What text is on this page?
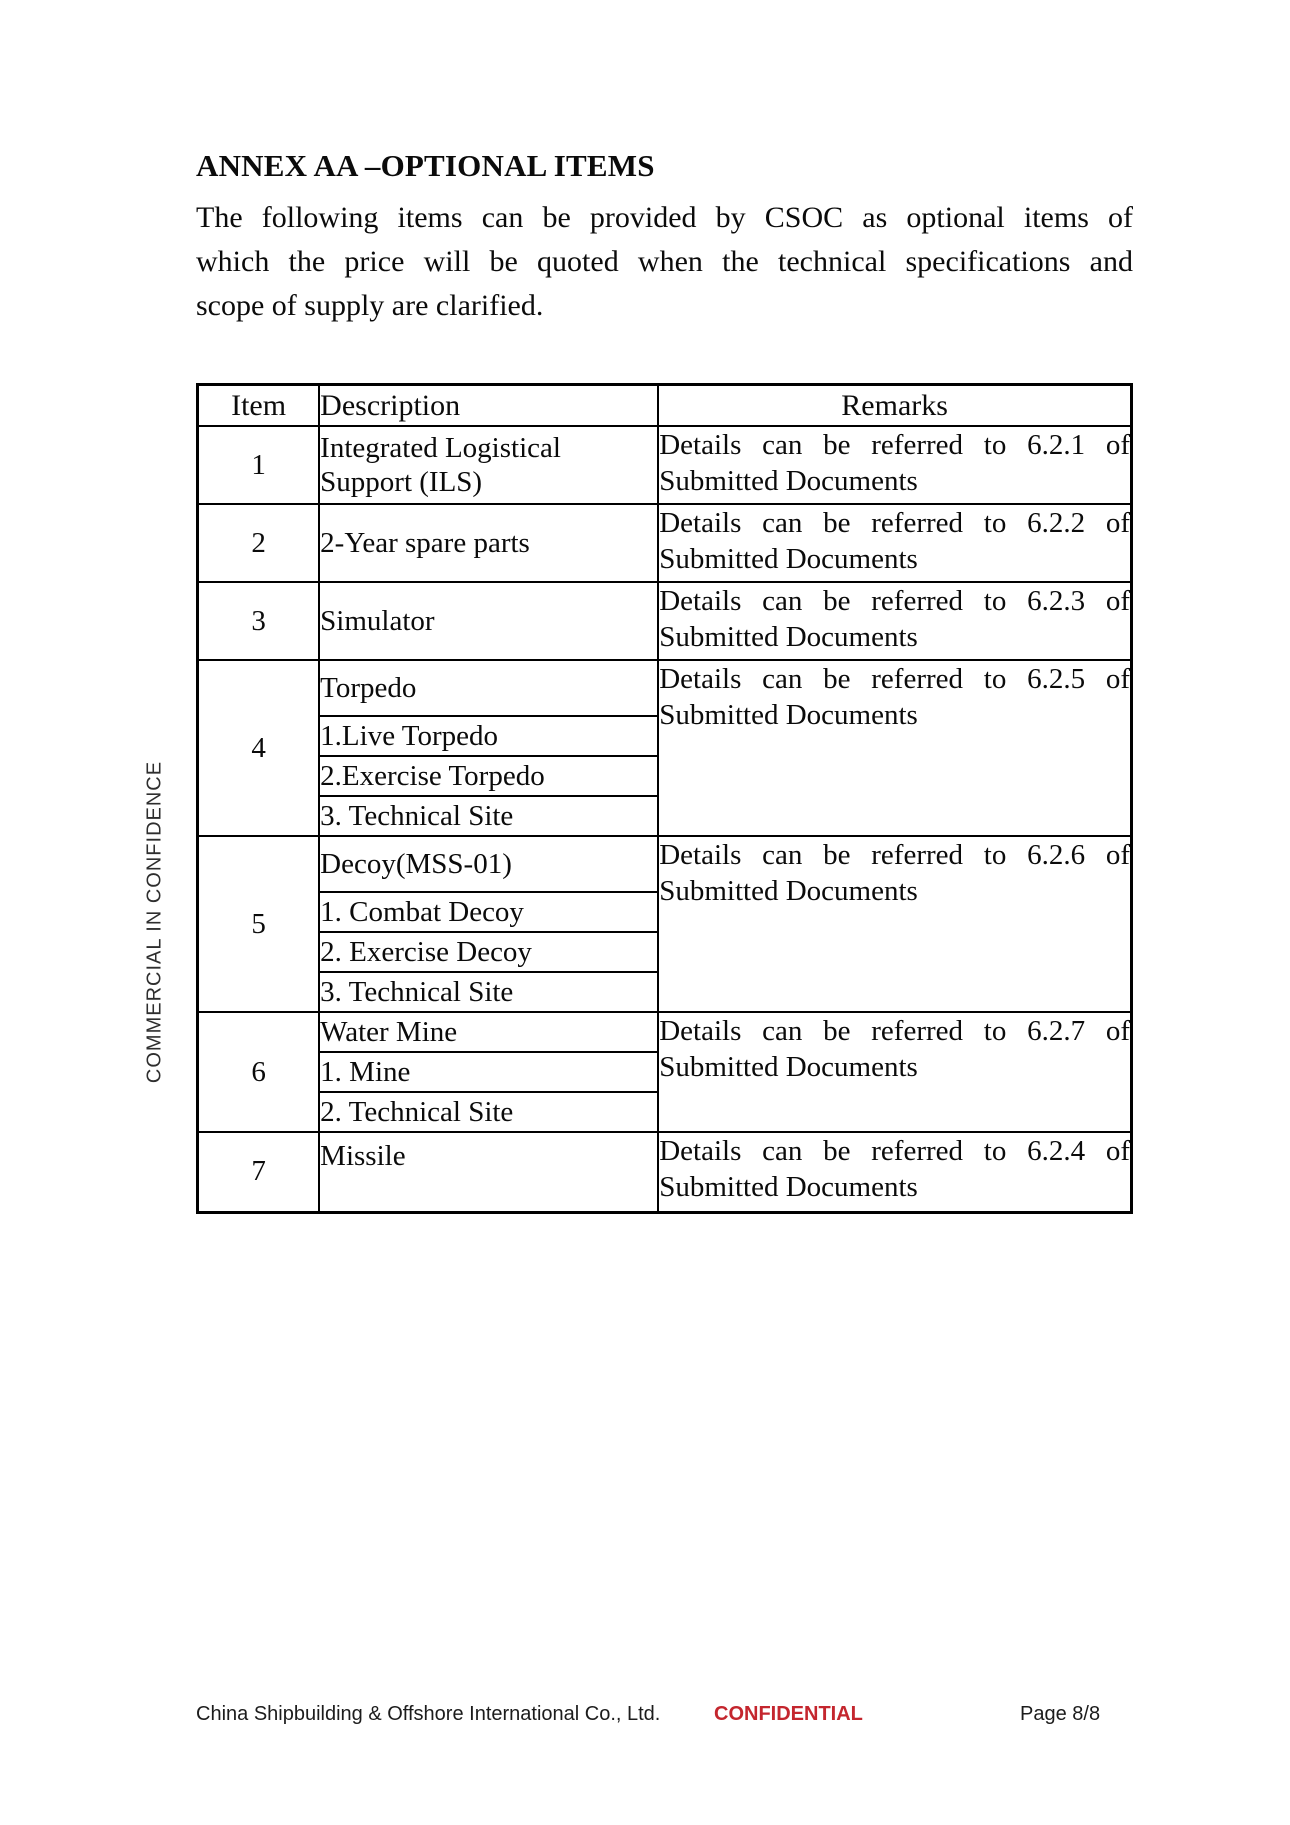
ANNEX AA –OPTIONAL ITEMS
The following items can be provided by CSOC as optional items of
which the price will be quoted when the technical specifications and
scope of supply are clarified.
Item	Description	Remarks
1	Integrated Logistical Support (ILS)	Details can be referred to 6.2.1 of
Submitted Documents

2	2-Year spare parts	Details can be referred to 6.2.2 of
Submitted Documents

3	Simulator	Details can be referred to 6.2.3 of
Submitted Documents

4	Torpedo	Details can be referred to 6.2.5 of
Submitted Documents

	1.Live Torpedo	
	2.Exercise Torpedo	
	3. Technical Site	
5	Decoy(MSS-01)	Details can be referred to 6.2.6 of
Submitted Documents

	1. Combat Decoy	
	2. Exercise Decoy	
	3. Technical Site	
6	Water Mine	Details can be referred to 6.2.7 of
Submitted Documents

	1. Mine	
	2. Technical Site	
7	Missile	Details can be referred to 6.2.4 of
Submitted Documents
COMMERCIAL IN CONFIDENCE
China Shipbuilding & Offshore International Co., Ltd.	CONFIDENTIAL	Page 8/8
